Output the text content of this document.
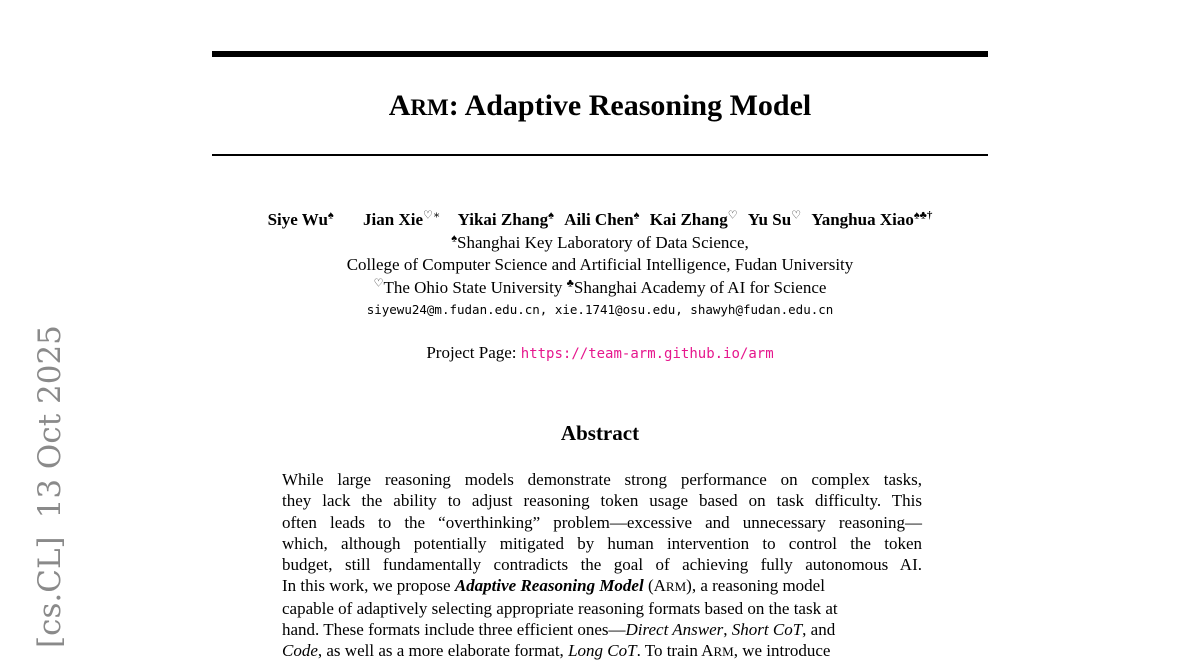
ARM: Adaptive Reasoning Model
Siye Wu♠ Jian Xie♡∗ Yikai Zhang♠ Aili Chen♠ Kai Zhang♡ Yu Su♡ Yanghua Xiao♠♣†
♠Shanghai Key Laboratory of Data Science,
College of Computer Science and Artificial Intelligence, Fudan University
♡The Ohio State University ♣Shanghai Academy of AI for Science
siyewu24@m.fudan.edu.cn, xie.1741@osu.edu, shawyh@fudan.edu.cn
Project Page: https://team-arm.github.io/arm
Abstract
While large reasoning models demonstrate strong performance on complex tasks,
they lack the ability to adjust reasoning token usage based on task difficulty. This
often leads to the “overthinking” problem—excessive and unnecessary reasoning—
which, although potentially mitigated by human intervention to control the token
budget, still fundamentally contradicts the goal of achieving fully autonomous AI.
In this work, we propose Adaptive Reasoning Model (ARM), a reasoning model
capable of adaptively selecting appropriate reasoning formats based on the task at
hand. These formats include three efficient ones—Direct Answer, Short CoT, and
Code, as well as a more elaborate format, Long CoT. To train ARM, we introduce
[cs.CL]13 Oct 2025
